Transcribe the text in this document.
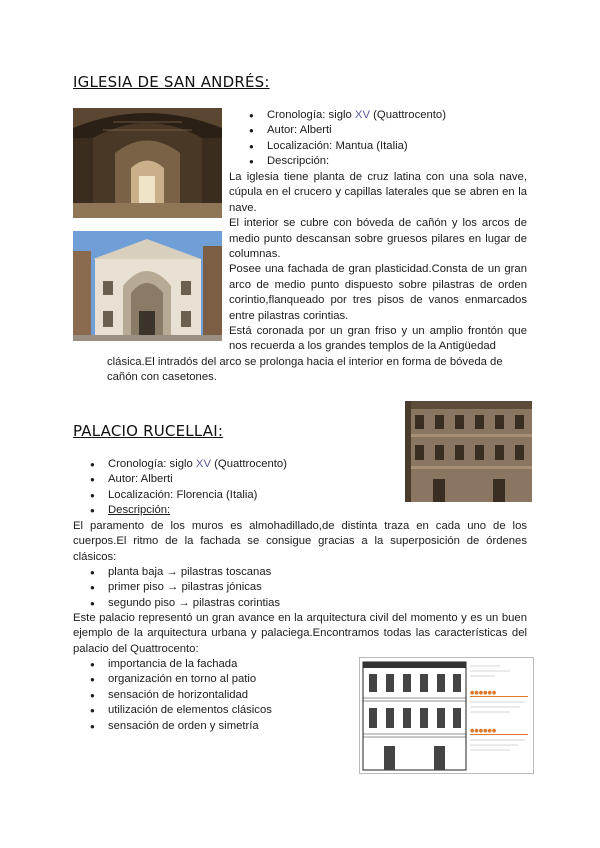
IGLESIA DE SAN ANDRÉS:
● Cronología: siglo XV (Quattrocento)
● Autor: Alberti
● Localización: Mantua (Italia)
● Descripción:

La iglesia tiene planta de cruz latina con una sola nave, cúpula en el crucero y capillas laterales que se abren en la nave.

El interior se cubre con bóveda de cañón y los arcos de medio punto descansan sobre gruesos pilares en lugar de columnas.

Posee una fachada de gran plasticidad.Consta de un gran arco de medio punto dispuesto sobre pilastras de orden corintio,flanqueado por tres pisos de vanos enmarcados entre pilastras corintias.

Está coronada por un gran friso y un amplio frontón que nos recuerda a los grandes templos de la Antigüedad

clásica.El intradós del arco se prolonga hacia el interior en forma de bóveda de cañón con casetones.

PALACIO RUCELLAI:
● Cronología: siglo XV (Quattrocento)
● Autor: Alberti
● Localización: Florencia (Italia)
● Descripción:

El paramento de los muros es almohadillado,de distinta traza en cada uno de los cuerpos.El ritmo de la fachada se consigue gracias a la superposición de órdenes clásicos:

● planta baja → pilastras toscanas
● primer piso → pilastras jónicas
● segundo piso → pilastras corintias

Este palacio representó un gran avance en la arquitectura civil del momento y es un buen ejemplo de la arquitectura urbana y palaciega.Encontramos todas las características del palacio del Quattrocento:

● importancia de la fachada
● organización en torno al patio
● sensación de horizontalidad
● utilización de elementos clásicos
● sensación de orden y simetría
●●●●●●
●●●●●●
